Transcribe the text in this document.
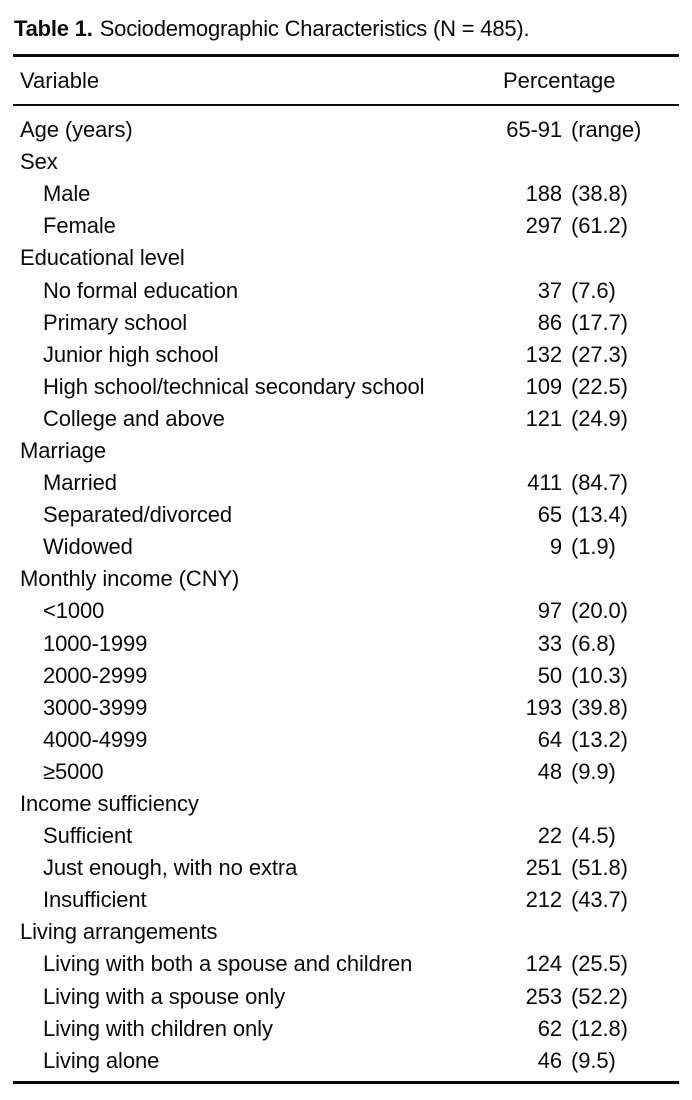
Table 1. Sociodemographic Characteristics (N = 485).
Variable	Percentage
Age (years)	65-91 (range)
Sex
Male	188 (38.8)
Female	297 (61.2)
Educational level
No formal education	37 (7.6)
Primary school	86 (17.7)
Junior high school	132 (27.3)
High school/technical secondary school	109 (22.5)
College and above	121 (24.9)
Marriage
Married	411 (84.7)
Separated/divorced	65 (13.4)
Widowed	9 (1.9)
Monthly income (CNY)
<1000	97 (20.0)
1000-1999	33 (6.8)
2000-2999	50 (10.3)
3000-3999	193 (39.8)
4000-4999	64 (13.2)
≥5000	48 (9.9)
Income sufficiency
Sufficient	22 (4.5)
Just enough, with no extra	251 (51.8)
Insufficient	212 (43.7)
Living arrangements
Living with both a spouse and children	124 (25.5)
Living with a spouse only	253 (52.2)
Living with children only	62 (12.8)
Living alone	46 (9.5)
